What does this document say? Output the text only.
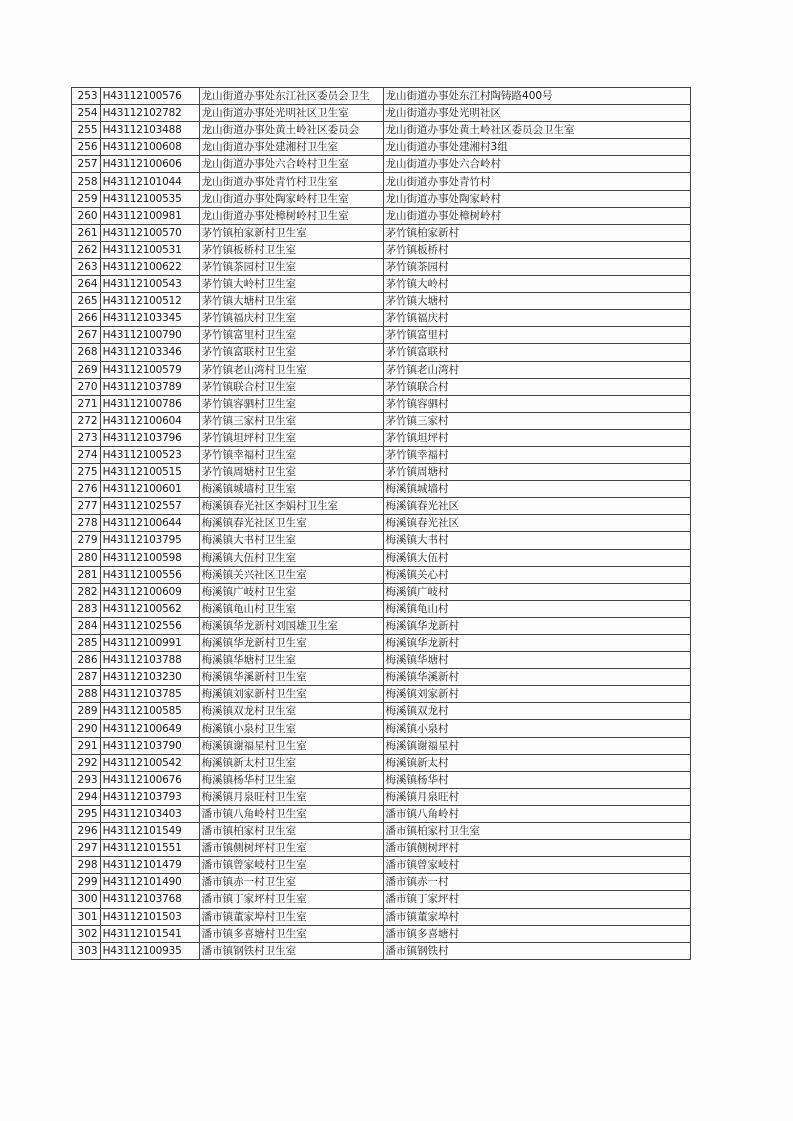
253	H43112100576	龙山街道办事处东江社区委员会卫生	龙山街道办事处东江村陶铸路400号
254	H43112102782	龙山街道办事处光明社区卫生室	龙山街道办事处光明社区
255	H43112103488	龙山街道办事处黄土岭社区委员会	龙山街道办事处黄土岭社区委员会卫生室
256	H43112100608	龙山街道办事处建湘村卫生室	龙山街道办事处建湘村3组
257	H43112100606	龙山街道办事处六合岭村卫生室	龙山街道办事处六合岭村
258	H43112101044	龙山街道办事处青竹村卫生室	龙山街道办事处青竹村
259	H43112100535	龙山街道办事处陶家岭村卫生室	龙山街道办事处陶家岭村
260	H43112100981	龙山街道办事处樟树岭村卫生室	龙山街道办事处樟树岭村
261	H43112100570	茅竹镇柏家新村卫生室	茅竹镇柏家新村
262	H43112100531	茅竹镇板桥村卫生室	茅竹镇板桥村
263	H43112100622	茅竹镇茶园村卫生室	茅竹镇茶园村
264	H43112100543	茅竹镇大岭村卫生室	茅竹镇大岭村
265	H43112100512	茅竹镇大塘村卫生室	茅竹镇大塘村
266	H43112103345	茅竹镇福庆村卫生室	茅竹镇福庆村
267	H43112100790	茅竹镇富里村卫生室	茅竹镇富里村
268	H43112103346	茅竹镇富联村卫生室	茅竹镇富联村
269	H43112100579	茅竹镇老山湾村卫生室	茅竹镇老山湾村
270	H43112103789	茅竹镇联合村卫生室	茅竹镇联合村
271	H43112100786	茅竹镇容驷村卫生室	茅竹镇容驷村
272	H43112100604	茅竹镇三家村卫生室	茅竹镇三家村
273	H43112103796	茅竹镇坦坪村卫生室	茅竹镇坦坪村
274	H43112100523	茅竹镇幸福村卫生室	茅竹镇幸福村
275	H43112100515	茅竹镇周塘村卫生室	茅竹镇周塘村
276	H43112100601	梅溪镇城墙村卫生室	梅溪镇城墙村
277	H43112102557	梅溪镇春光社区李娟村卫生室	梅溪镇春光社区
278	H43112100644	梅溪镇春光社区卫生室	梅溪镇春光社区
279	H43112103795	梅溪镇大书村卫生室	梅溪镇大书村
280	H43112100598	梅溪镇大伍村卫生室	梅溪镇大伍村
281	H43112100556	梅溪镇关兴社区卫生室	梅溪镇关心村
282	H43112100609	梅溪镇广岐村卫生室	梅溪镇广岐村
283	H43112100562	梅溪镇龟山村卫生室	梅溪镇龟山村
284	H43112102556	梅溪镇华龙新村刘国雄卫生室	梅溪镇华龙新村
285	H43112100991	梅溪镇华龙新村卫生室	梅溪镇华龙新村
286	H43112103788	梅溪镇华塘村卫生室	梅溪镇华塘村
287	H43112103230	梅溪镇华溪新村卫生室	梅溪镇华溪新村
288	H43112103785	梅溪镇刘家新村卫生室	梅溪镇刘家新村
289	H43112100585	梅溪镇双龙村卫生室	梅溪镇双龙村
290	H43112100649	梅溪镇小泉村卫生室	梅溪镇小泉村
291	H43112103790	梅溪镇谢福星村卫生室	梅溪镇谢福星村
292	H43112100542	梅溪镇新太村卫生室	梅溪镇新太村
293	H43112100676	梅溪镇杨华村卫生室	梅溪镇杨华村
294	H43112103793	梅溪镇月泉旺村卫生室	梅溪镇月泉旺村
295	H43112103403	潘市镇八角岭村卫生室	潘市镇八角岭村
296	H43112101549	潘市镇柏家村卫生室	潘市镇柏家村卫生室
297	H43112101551	潘市镇侧树坪村卫生室	潘市镇侧树坪村
298	H43112101479	潘市镇曾家岐村卫生室	潘市镇曾家岐村
299	H43112101490	潘市镇赤一村卫生室	潘市镇赤一村
300	H43112103768	潘市镇丁家坪村卫生室	潘市镇丁家坪村
301	H43112101503	潘市镇董家埠村卫生室	潘市镇董家埠村
302	H43112101541	潘市镇多喜塘村卫生室	潘市镇多喜塘村
303	H43112100935	潘市镇钢铁村卫生室	潘市镇钢铁村
